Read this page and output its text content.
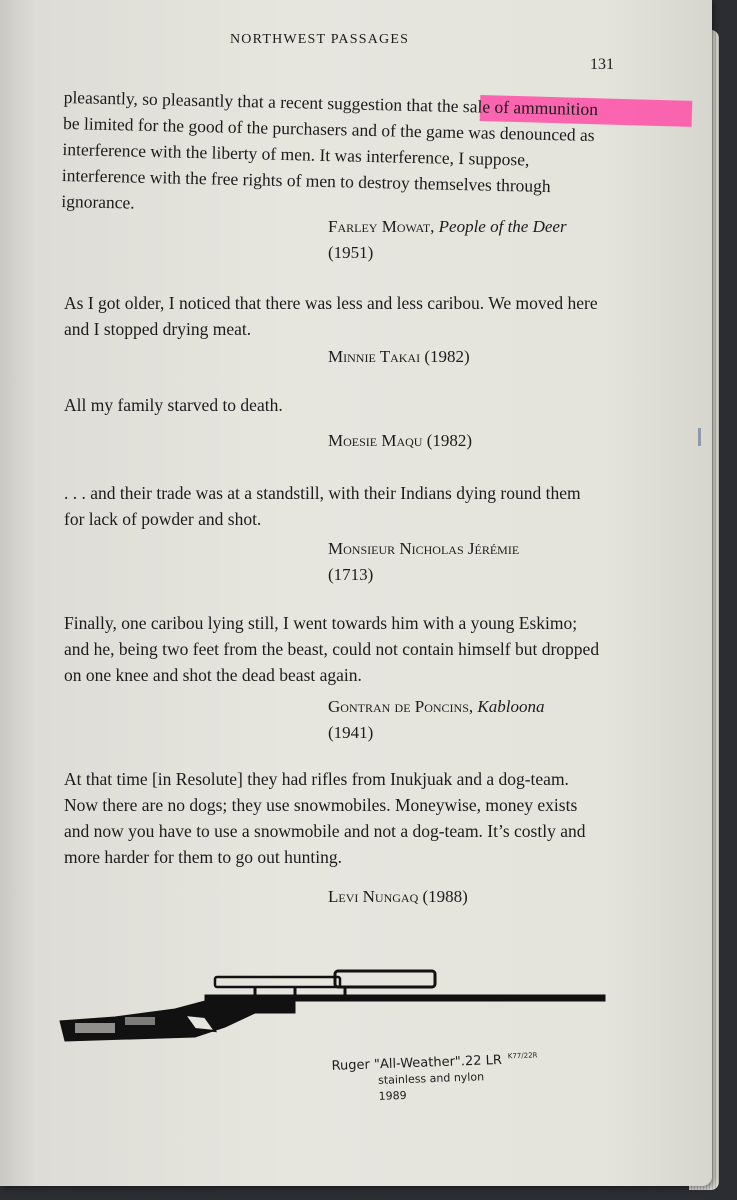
NORTHWEST PASSAGES
131

pleasantly, so pleasantly that a recent suggestion that the sale of ammunition be limited for the good of the purchasers and of the game was denounced as interference with the liberty of men. It was interference, I suppose, interference with the free rights of men to destroy themselves through ignorance.

Farley Mowat, People of the Deer
(1951)

As I got older, I noticed that there was less and less caribou. We moved here and I stopped drying meat.

Minnie Takai (1982)

All my family starved to death.

Moesie Maqu (1982)

. . . and their trade was at a standstill, with their Indians dying round them for lack of powder and shot.

Monsieur Nicholas Jérémie
(1713)

Finally, one caribou lying still, I went towards him with a young Eskimo; and he, being two feet from the beast, could not contain himself but dropped on one knee and shot the dead beast again.

Gontran de Poncins, Kabloona
(1941)

At that time [in Resolute] they had rifles from Inukjuak and a dog-team. Now there are no dogs; they use snowmobiles. Moneywise, money exists and now you have to use a snowmobile and not a dog-team. It’s costly and more harder for them to go out hunting.

Levi Nungaq (1988)
Ruger "All-Weather".22 LR $^{K77/22R}$
stainless and nylon
1989
